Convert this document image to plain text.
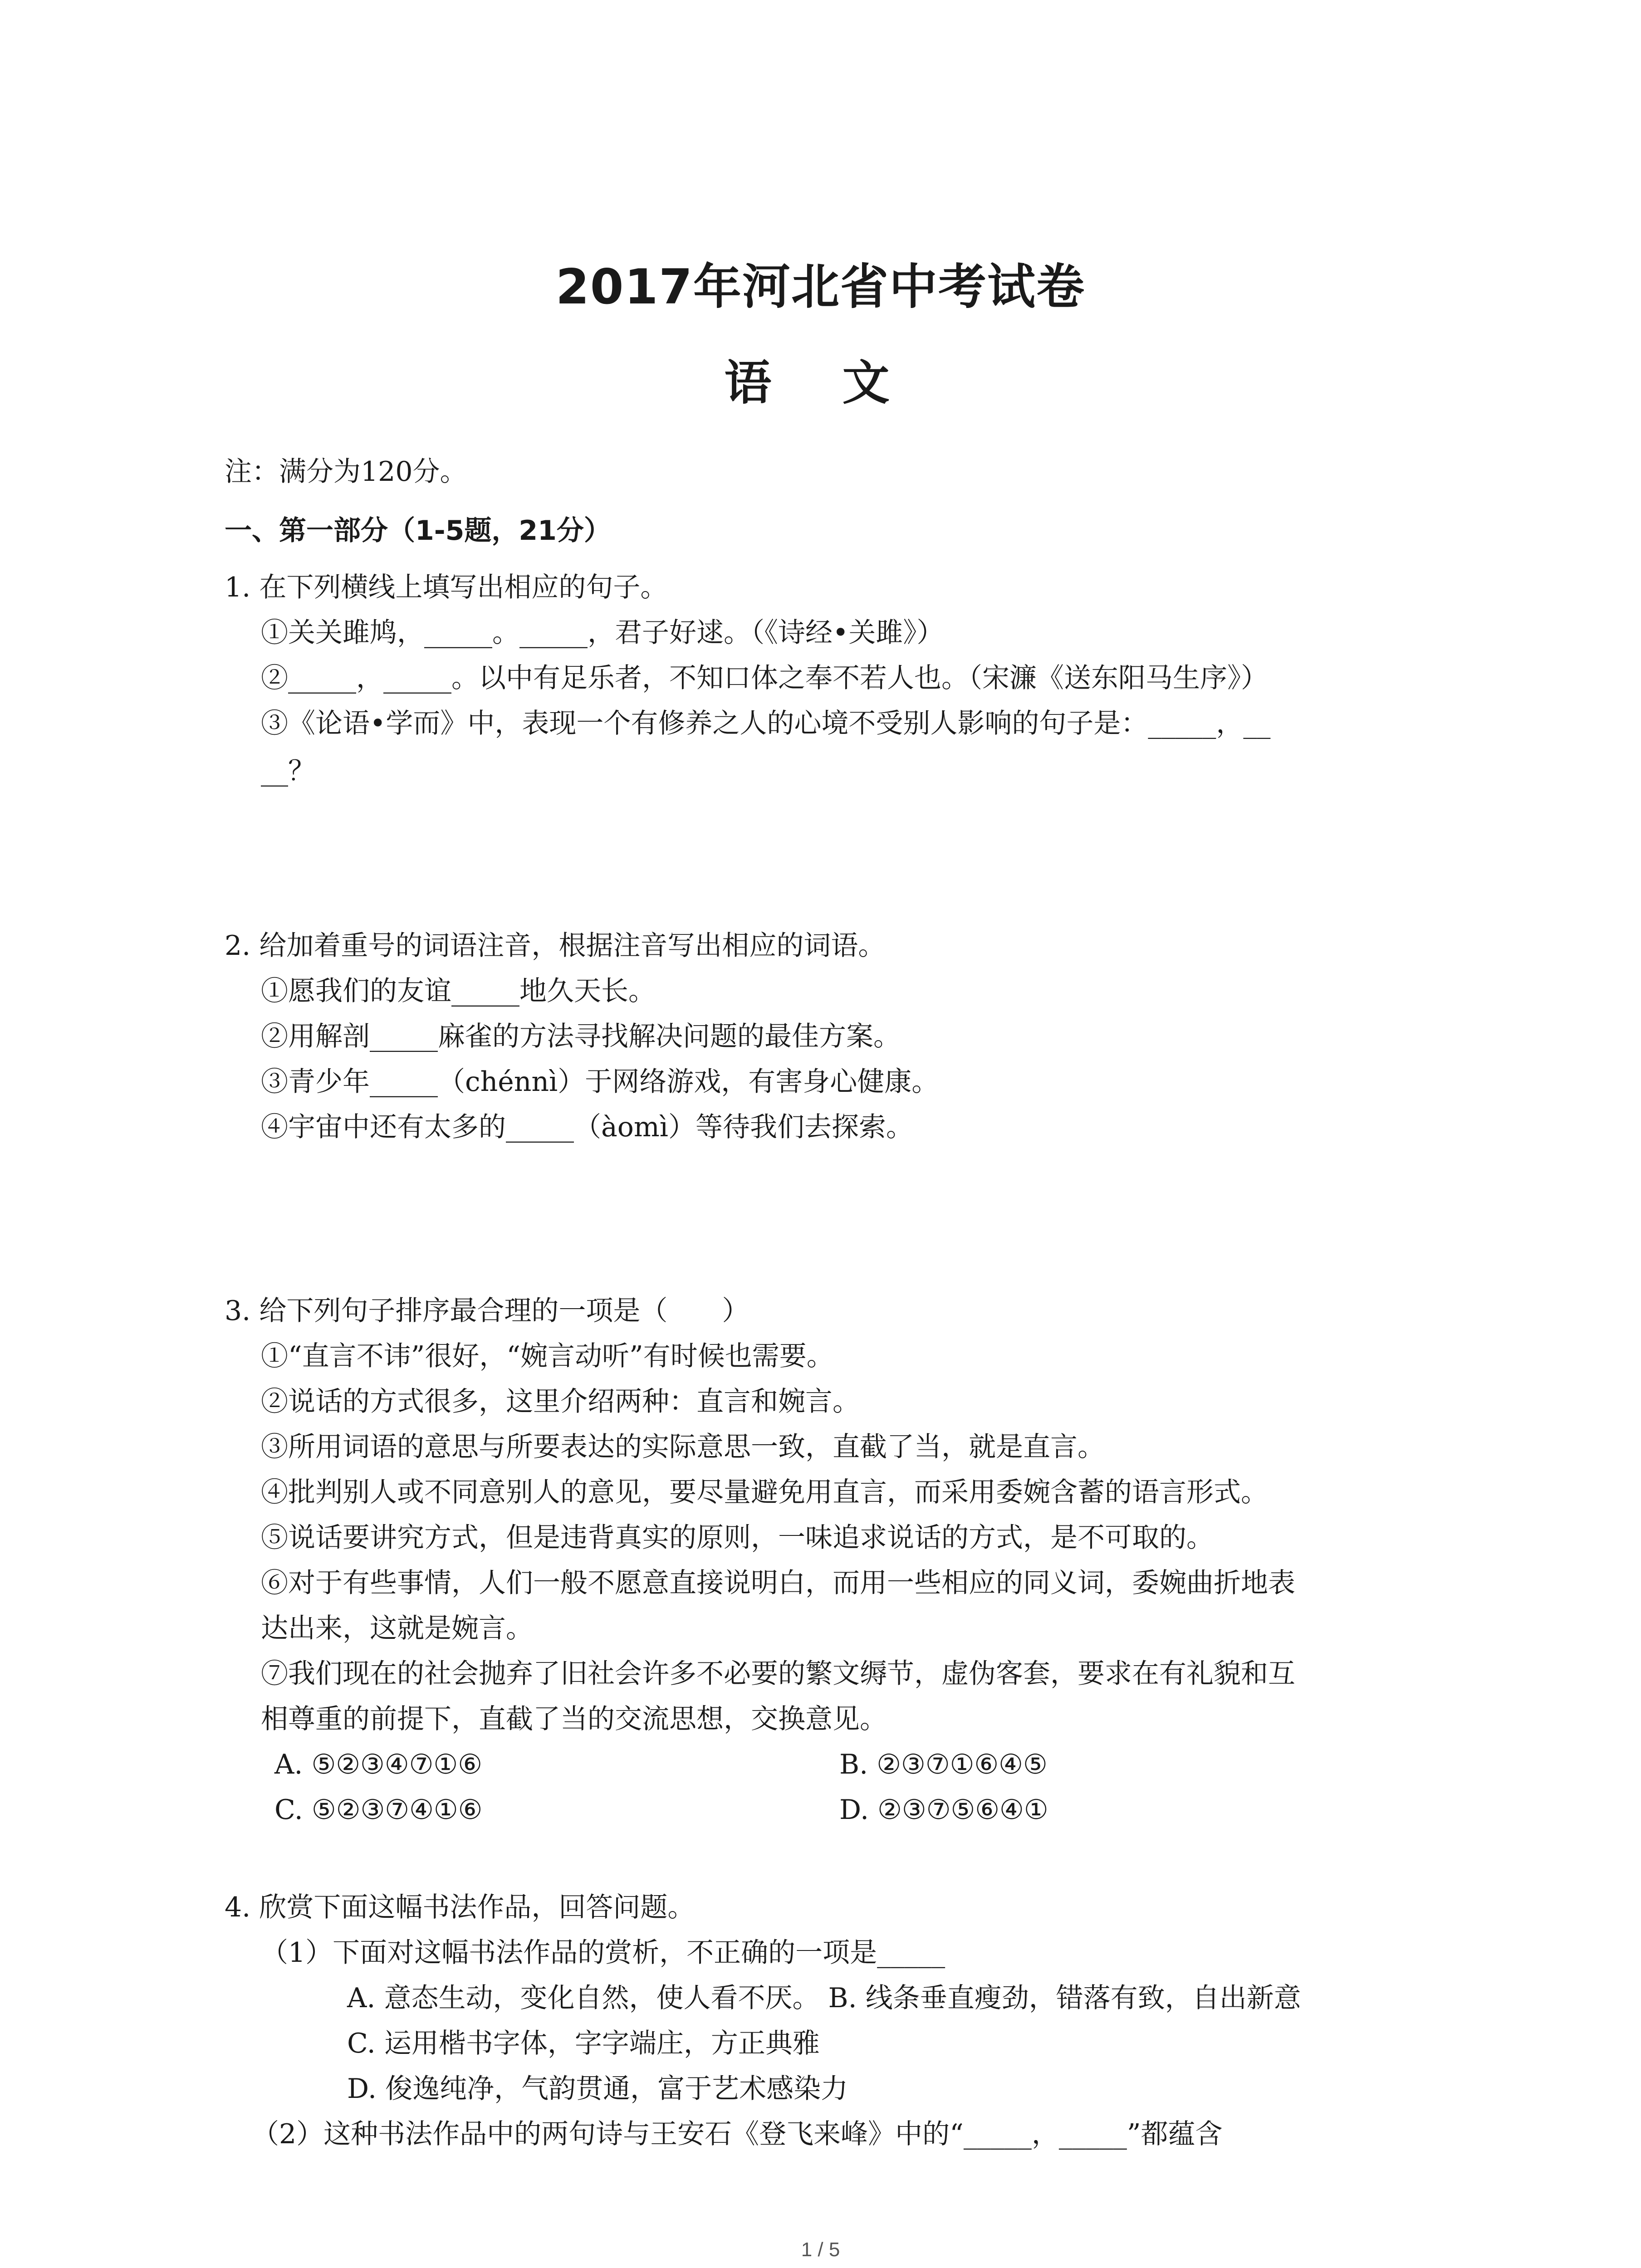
2017年河北省中考试卷
语 文
注：满分为120分。
一、第一部分（1-5题，21分）
1. 在下列横线上填写出相应的句子。
①关关雎鸠，_____。_____，君子好逑。（《诗经•关雎》）
②_____，_____。以中有足乐者，不知口体之奉不若人也。（宋濂《送东阳马生序》）
③《论语•学而》中，表现一个有修养之人的心境不受别人影响的句子是：_____，__
__？
2. 给加着重号的词语注音，根据注音写出相应的词语。
①愿我们的友谊_____地久天长。
②用解剖_____麻雀的方法寻找解决问题的最佳方案。
③青少年_____（chénnì）于网络游戏，有害身心健康。
④宇宙中还有太多的_____（àomì）等待我们去探索。
3. 给下列句子排序最合理的一项是（　　）
①“直言不讳”很好，“婉言动听”有时候也需要。
②说话的方式很多，这里介绍两种：直言和婉言。
③所用词语的意思与所要表达的实际意思一致，直截了当，就是直言。
④批判别人或不同意别人的意见，要尽量避免用直言，而采用委婉含蓄的语言形式。
⑤说话要讲究方式，但是违背真实的原则，一味追求说话的方式，是不可取的。
⑥对于有些事情，人们一般不愿意直接说明白，而用一些相应的同义词，委婉曲折地表
达出来，这就是婉言。
⑦我们现在的社会抛弃了旧社会许多不必要的繁文缛节，虚伪客套，要求在有礼貌和互
相尊重的前提下，直截了当的交流思想，交换意见。
A. ⑤②③④⑦①⑥	B. ②③⑦①⑥④⑤
C. ⑤②③⑦④①⑥	D. ②③⑦⑤⑥④①
4. 欣赏下面这幅书法作品，回答问题。
（1）下面对这幅书法作品的赏析，不正确的一项是_____
A. 意态生动，变化自然，使人看不厌。 B. 线条垂直瘦劲，错落有致，自出新意
C. 运用楷书字体，字字端庄，方正典雅
D. 俊逸纯净，气韵贯通，富于艺术感染力
（2）这种书法作品中的两句诗与王安石《登飞来峰》中的“_____，_____”都蕴含
1 / 5
